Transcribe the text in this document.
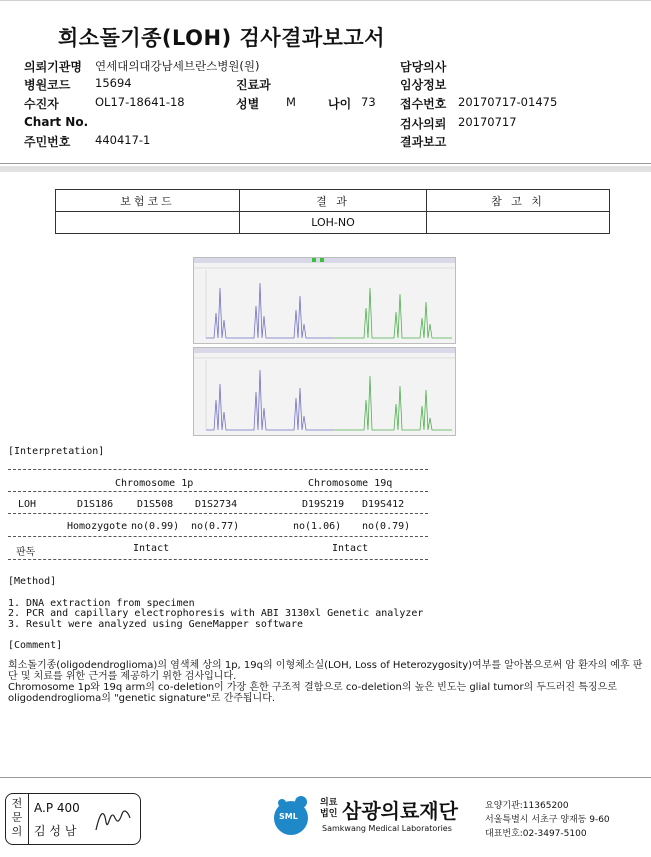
희소돌기종(LOH) 검사결과보고서
의뢰기관명 연세대의대강남세브란스병원(원)
병원코드 15694
수진자	OL17-18641-18
Chart No.
주민번호 440417-1
진료과
성별 M	나이 73
담당의사
임상정보
접수번호 20170717-01475
검사의뢰 20170717
결과보고
보험코드	결 과	참 고 치
	LOH-NO	
[Interpretation]
Chromosome 1p	Chromosome 19q
LOH	D1S186 D1S508 D1S2734	D19S219 D19S412
Homozygote no(0.99) no(0.77)	no(1.06) no(0.79)
판독	Intact	Intact
[Method]
1. DNA extraction from specimen
2. PCR and capillary electrophoresis with ABI 3130xl Genetic analyzer
3. Result were analyzed using GeneMapper software
[Comment]
희소돌기종(oligodendroglioma)의 염색체 상의 1p, 19q의 이형체소실(LOH, Loss of Heterozygosity)여부를 알아봄으로써 암 환자의 예후 판단 및 치료를 위한 근거를 제공하기 위한 검사입니다.
Chromosome 1p와 19q arm의 co-deletion이 가장 흔한 구조적 결함으로 co-deletion의 높은 빈도는 glial tumor의 두드러진 특징으로 oligodendroglioma의 "genetic signature"로 간주됩니다.
전문의
A.P 400
김 성 남
SML
의료
법인 삼광의료재단
Samkwang Medical Laboratories
요양기관:11365200
서울특별시 서초구 양재동 9-60
대표번호:02-3497-5100
